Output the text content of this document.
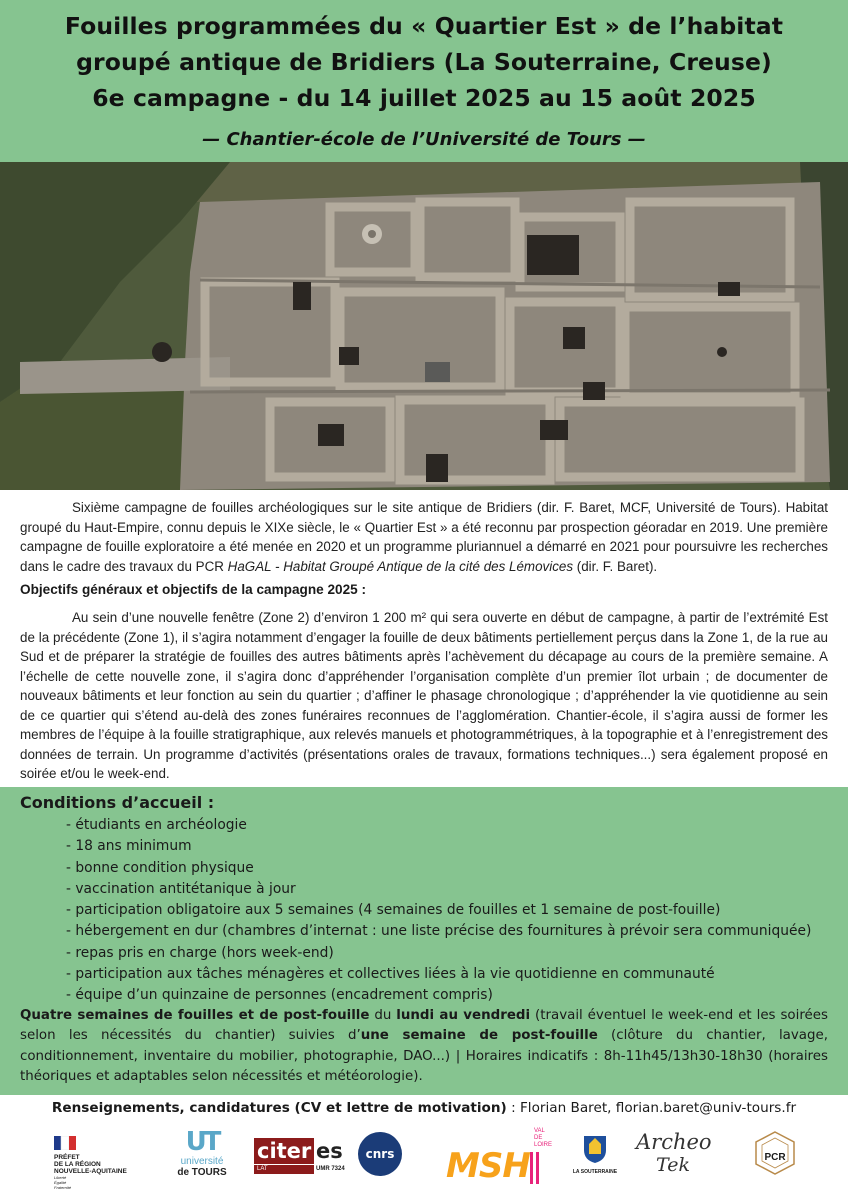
Fouilles programmées du « Quartier Est » de l’habitat
groupé antique de Bridiers (La Souterraine, Creuse)
6e campagne - du 14 juillet 2025 au 15 août 2025
— Chantier-école de l’Université de Tours —

Sixième campagne de fouilles archéologiques sur le site antique de Bridiers (dir. F. Baret, MCF, Université de Tours). Habitat groupé du Haut-Empire, connu depuis le XIXe siècle, le « Quartier Est » a été reconnu par prospection géoradar en 2019. Une première campagne de fouille exploratoire a été menée en 2020 et un programme pluriannuel a démarré en 2021 pour poursuivre les recherches dans le cadre des travaux du PCR HaGAL - Habitat Groupé Antique de la cité des Lémovices (dir. F. Baret).

Objectifs généraux et objectifs de la campagne 2025 :

Au sein d’une nouvelle fenêtre (Zone 2) d’environ 1 200 m² qui sera ouverte en début de campagne, à partir de l’extrémité Est de la précédente (Zone 1), il s’agira notamment d’engager la fouille de deux bâtiments pertiellement perçus dans la Zone 1, de la rue au Sud et de préparer la stratégie de fouilles des autres bâtiments après l’achèvement du décapage au cours de la première semaine. A l’échelle de cette nouvelle zone, il s’agira donc d’appréhender l’organisation complète d’un premier îlot urbain ; de documenter de nouveaux bâtiments et leur fonction au sein du quartier ; d’affiner le phasage chronologique ; d’appréhender la vie quotidienne au sein de ce quartier qui s’étend au-delà des zones funéraires reconnues de l’agglomération. Chantier-école, il s’agira aussi de former les membres de l’équipe à la fouille stratigraphique, aux relevés manuels et photogrammétriques, à la topographie et à l’enregistrement des données de terrain. Un programme d’activités (présentations orales de travaux, formations techniques...) sera également proposé en soirée et/ou le week-end.

Conditions d’accueil :
- étudiants en archéologie
- 18 ans minimum
- bonne condition physique
- vaccination antitétanique à jour
- participation obligatoire aux 5 semaines (4 semaines de fouilles et 1 semaine de post-fouille)
- hébergement en dur (chambres d’internat : une liste précise des fournitures à prévoir sera communiquée)
- repas pris en charge (hors week-end)
- participation aux tâches ménagères et collectives liées à la vie quotidienne en communauté
- équipe d’un quinzaine de personnes (encadrement compris)

Quatre semaines de fouilles et de post-fouille du lundi au vendredi (travail éventuel le week-end et les soirées selon les nécessités du chantier) suivies d’une semaine de post-fouille (clôture du chantier, lavage, conditionnement, inventaire du mobilier, photographie, DAO...) | Horaires indicatifs : 8h-11h45/13h30-18h30 (horaires théoriques et adaptables selon nécessités et météorologie).

Renseignements, candidatures (CV et lettre de motivation) : Florian Baret, florian.baret@univ-tours.fr
PRÉFET
DE LA RÉGION
NOUVELLE-AQUITAINE
Liberté Égalité Fraternité
UT
université
de TOURS
citer es
LAT	UMR 7324
cnrs MSH
VAL DE LOIRE
LA SOUTERRAINE
Archeo
Tek	PCR
